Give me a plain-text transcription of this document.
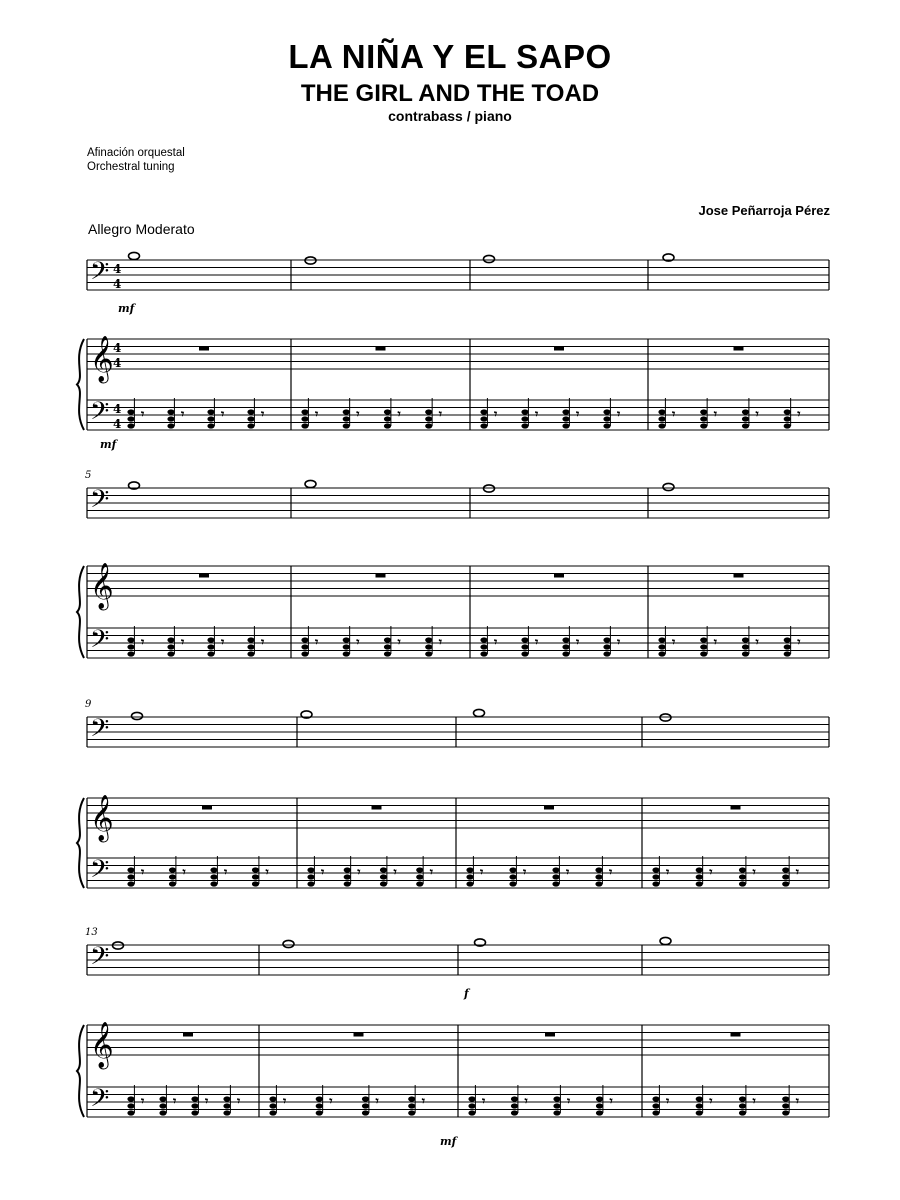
LA NIÑA Y EL SAPO
THE GIRL AND THE TOAD
contrabass / piano
Afinación orquestal
Orchestral tuning
Jose Peñarroja Pérez
Allegro Moderato
𝄢
𝄞
𝄢
4
4
4
4
4
4
𝄾	𝄾	𝄾	𝄾	𝄾	𝄾	𝄾	𝄾	𝄾	𝄾	𝄾	𝄾	𝄾	𝄾	𝄾	𝄾
mf
mf
𝄢
𝄞
𝄢
5
𝄾	𝄾	𝄾	𝄾	𝄾	𝄾	𝄾	𝄾	𝄾	𝄾	𝄾	𝄾	𝄾	𝄾	𝄾	𝄾
𝄢
𝄞
𝄢
9
𝄾	𝄾	𝄾	𝄾	𝄾	𝄾	𝄾	𝄾	𝄾	𝄾	𝄾	𝄾	𝄾	𝄾	𝄾	𝄾
𝄢
𝄞
𝄢
13
𝄾 𝄾 𝄾 𝄾	𝄾	𝄾	𝄾	𝄾	𝄾	𝄾	𝄾	𝄾	𝄾	𝄾	𝄾	𝄾
f
mf
